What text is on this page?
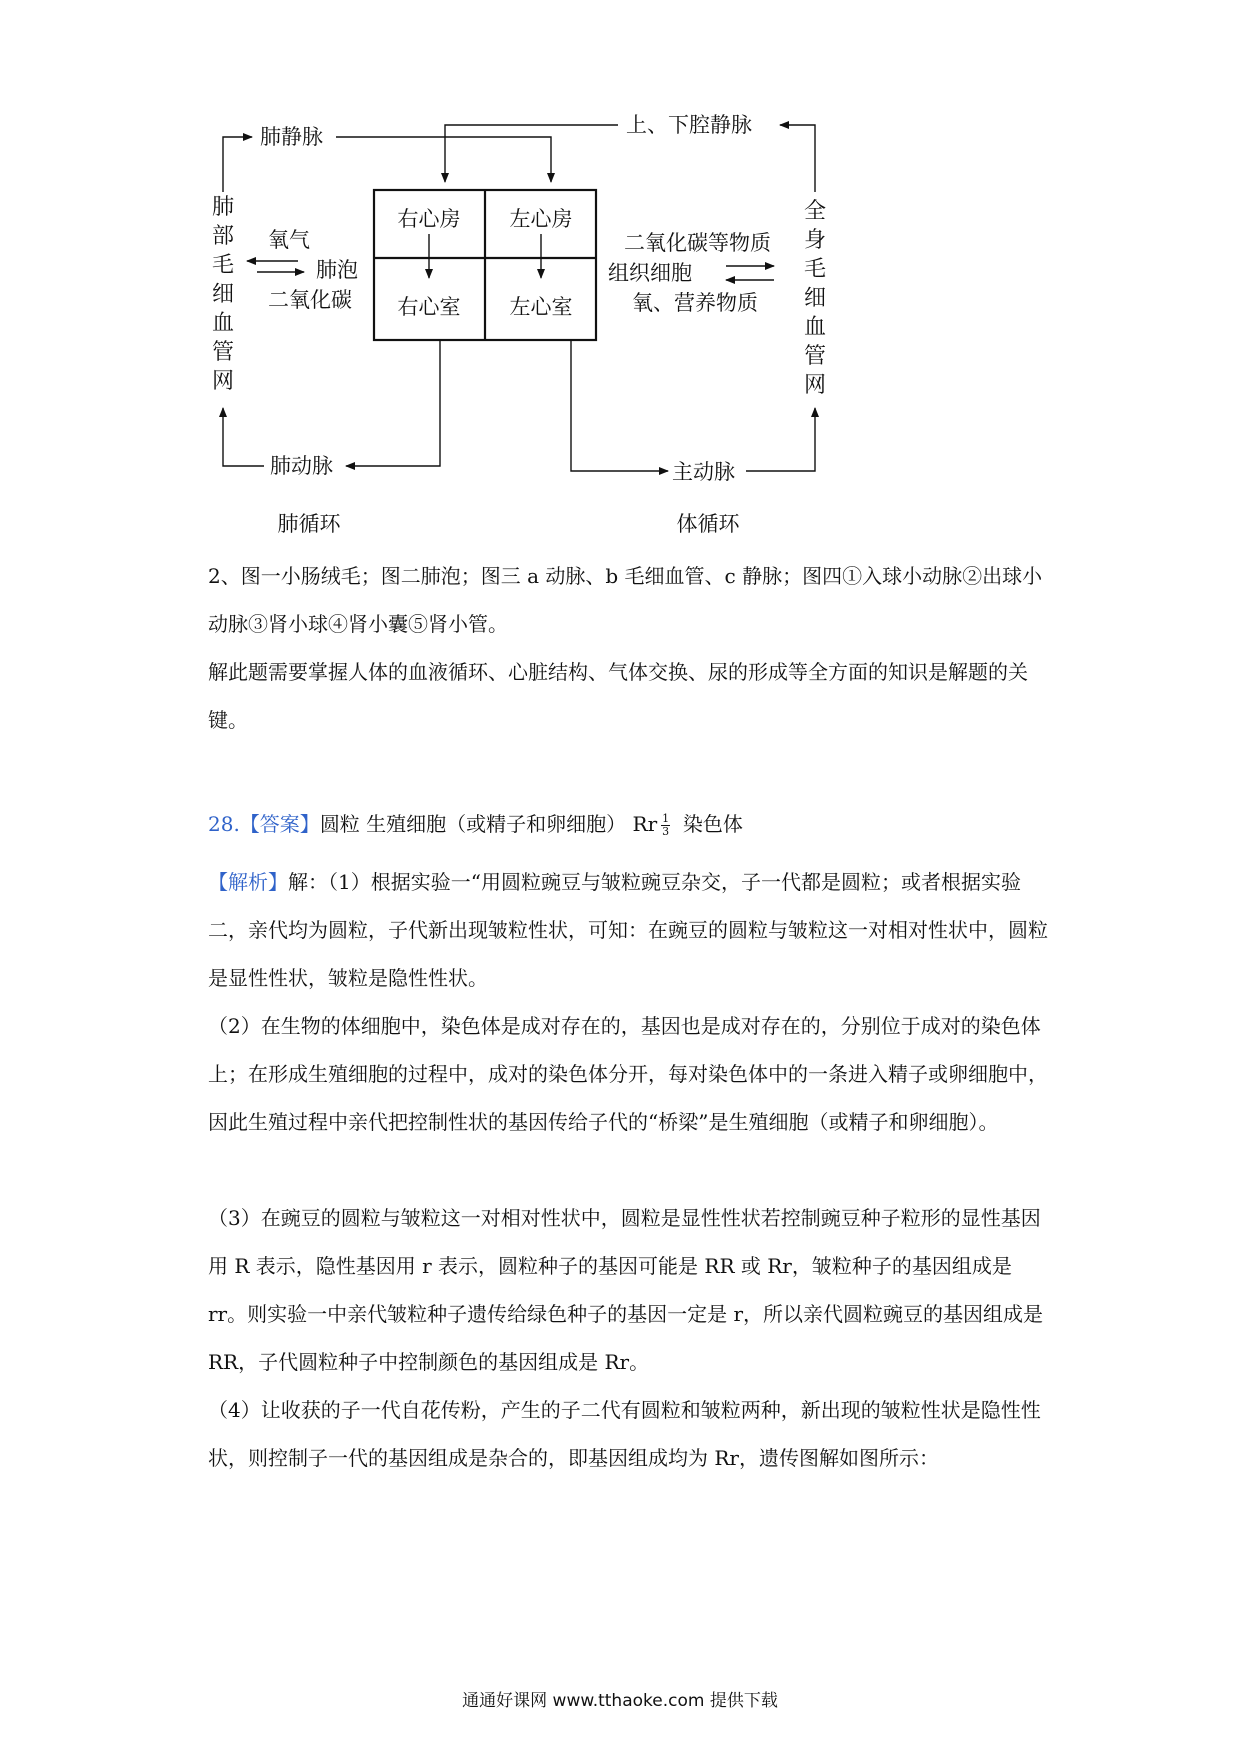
右心房 左心房
右心室 左心室
肺静脉	上、下腔静脉
肺
部
毛
细
血
管
网
全
身
毛
细
血
管
网
氧气
肺泡
二氧化碳
二氧化碳等物质
组织细胞
氧、营养物质
肺动脉	主动脉
肺循环	体循环

2、图一小肠绒毛；图二肺泡；图三 a 动脉、b 毛细血管、c 静脉；图四①入球小动脉②出球小动脉③肾小球④肾小囊⑤肾小管。

解此题需要掌握人体的血液循环、心脏结构、气体交换、尿的形成等全方面的知识是解题的关键。

28.【答案】圆粒 生殖细胞（或精子和卵细胞） Rr $\frac{1}{3}$ 染色体

【解析】解：（1）根据实验一“用圆粒豌豆与皱粒豌豆杂交，子一代都是圆粒；或者根据实验二，亲代均为圆粒，子代新出现皱粒性状，可知：在豌豆的圆粒与皱粒这一对相对性状中，圆粒是显性性状，皱粒是隐性性状。

（2）在生物的体细胞中，染色体是成对存在的，基因也是成对存在的，分别位于成对的染色体上；在形成生殖细胞的过程中，成对的染色体分开，每对染色体中的一条进入精子或卵细胞中，因此生殖过程中亲代把控制性状的基因传给子代的“桥梁”是生殖细胞（或精子和卵细胞）。

（3）在豌豆的圆粒与皱粒这一对相对性状中，圆粒是显性性状若控制豌豆种子粒形的显性基因用 R 表示，隐性基因用 r 表示，圆粒种子的基因可能是 RR 或 Rr，皱粒种子的基因组成是 rr。则实验一中亲代皱粒种子遗传给绿色种子的基因一定是 r，所以亲代圆粒豌豆的基因组成是 RR，子代圆粒种子中控制颜色的基因组成是 Rr。

（4）让收获的子一代自花传粉，产生的子二代有圆粒和皱粒两种，新出现的皱粒性状是隐性性状，则控制子一代的基因组成是杂合的，即基因组成均为 Rr，遗传图解如图所示：

通通好课网 www.tthaoke.com 提供下载
